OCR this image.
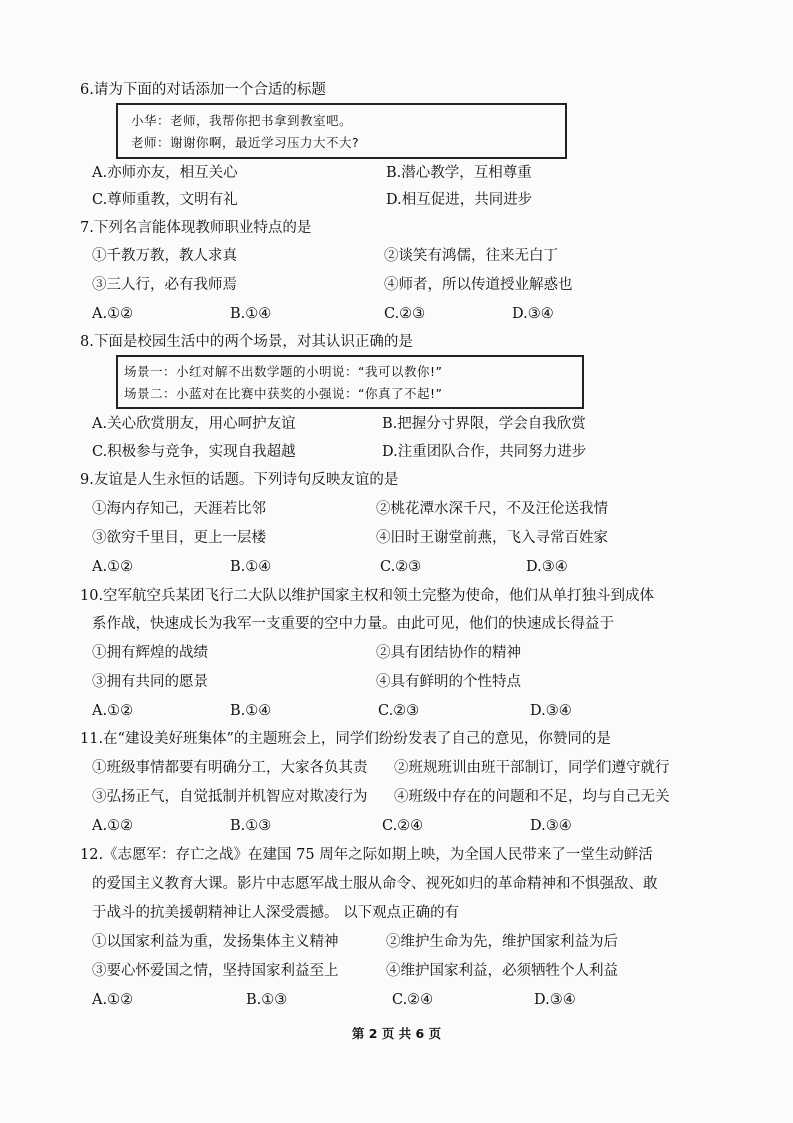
6.请为下面的对话添加一个合适的标题
小华：老师，我帮你把书拿到教室吧。
老师：谢谢你啊，最近学习压力大不大?
A.亦师亦友，相互关心	B.潜心教学，互相尊重
C.尊师重教，文明有礼	D.相互促进，共同进步
7.下列名言能体现教师职业特点的是
①千教万教，教人求真	②谈笑有鸿儒，往来无白丁
③三人行，必有我师焉	④师者，所以传道授业解惑也
A.①②	B.①④	C.②③	D.③④
8.下面是校园生活中的两个场景，对其认识正确的是
场景一：小红对解不出数学题的小明说：“我可以教你!”
场景二：小蓝对在比赛中获奖的小强说：“你真了不起!”
A.关心欣赏朋友，用心呵护友谊	B.把握分寸界限，学会自我欣赏
C.积极参与竞争，实现自我超越	D.注重团队合作，共同努力进步
9.友谊是人生永恒的话题。下列诗句反映友谊的是
①海内存知己，天涯若比邻	②桃花潭水深千尺，不及汪伦送我情
③欲穷千里目，更上一层楼	④旧时王谢堂前燕，飞入寻常百姓家
A.①②	B.①④	C.②③	D.③④
10.空军航空兵某团飞行二大队以维护国家主权和领土完整为使命，他们从单打独斗到成体
系作战，快速成长为我军一支重要的空中力量。由此可见，他们的快速成长得益于
①拥有辉煌的战绩	②具有团结协作的精神
③拥有共同的愿景	④具有鲜明的个性特点
A.①②	B.①④	C.②③	D.③④
11.在“建设美好班集体”的主题班会上，同学们纷纷发表了自己的意见，你赞同的是
①班级事情都要有明确分工，大家各负其责 ②班规班训由班干部制订，同学们遵守就行
③弘扬正气，自觉抵制并机智应对欺凌行为 ④班级中存在的问题和不足，均与自己无关
A.①②	B.①③	C.②④	D.③④
12.《志愿军：存亡之战》在建国 75 周年之际如期上映，为全国人民带来了一堂生动鲜活
的爱国主义教育大课。影片中志愿军战士服从命令、视死如归的革命精神和不惧强敌、敢
于战斗的抗美援朝精神让人深受震撼。 以下观点正确的有
①以国家利益为重，发扬集体主义精神	②维护生命为先，维护国家利益为后
③要心怀爱国之情，坚持国家利益至上	④维护国家利益，必须牺牲个人利益
A.①②	B.①③	C.②④	D.③④
第 2 页 共 6 页
